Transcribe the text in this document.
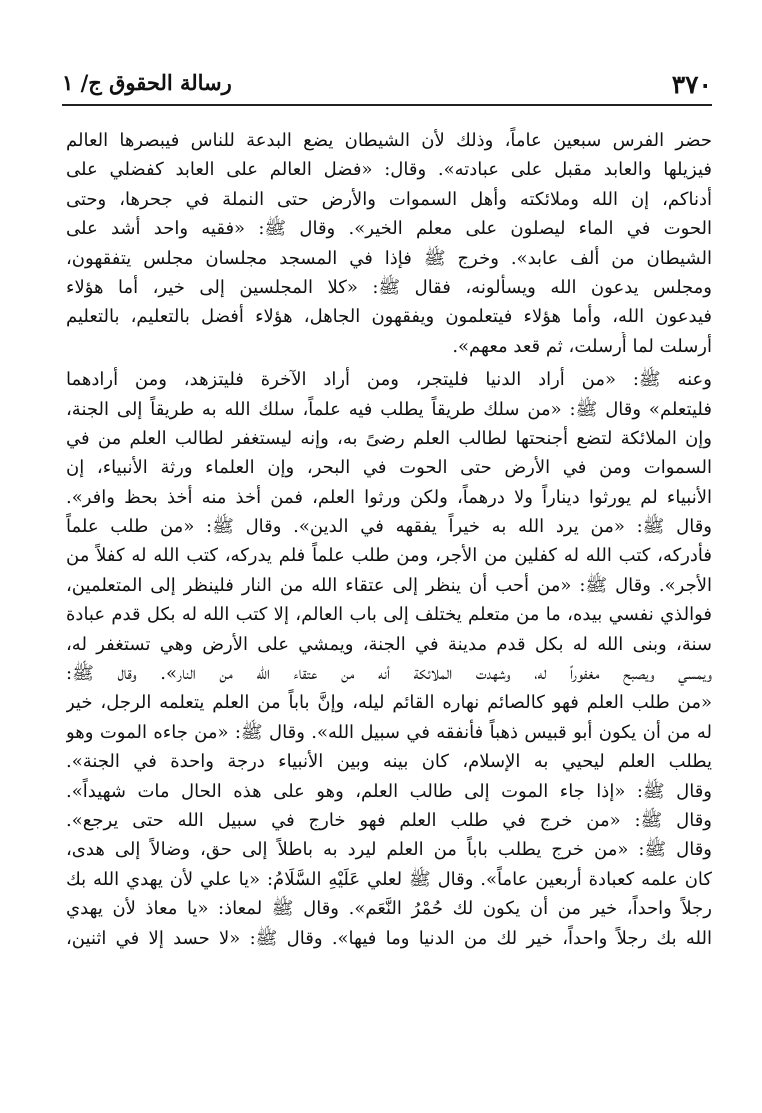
٣٧٠
رسالة الحقوق ج/ ١
حضر الفرس سبعين عاماً، وذلك لأن الشيطان يضع البدعة للناس فيبصرها العالم
فيزيلها والعابد مقبل على عبادته». وقال: «فضل العالم على العابد كفضلي على
أدناكم، إن الله وملائكته وأهل السموات والأرض حتى النملة في جحرها، وحتى
الحوت في الماء ليصلون على معلم الخير». وقال ﷺ: «فقيه واحد أشد على
الشيطان من ألف عابد». وخرج ﷺ فإذا في المسجد مجلسان مجلس يتفقهون،
ومجلس يدعون الله ويسألونه، فقال ﷺ: «كلا المجلسين إلى خير، أما هؤلاء
فيدعون الله، وأما هؤلاء فيتعلمون ويفقهون الجاهل، هؤلاء أفضل بالتعليم، بالتعليم
أرسلت لما أُرسلت، ثم قعد معهم».
وعنه ﷺ: «من أراد الدنيا فليتجر، ومن أراد الآخرة فليتزهد، ومن أرادهما
فليتعلم» وقال ﷺ: «من سلك طريقاً يطلب فيه علماً، سلك الله به طريقاً إلى الجنة،
وإن الملائكة لتضع أجنحتها لطالب العلم رضىً به، وإنه ليستغفر لطالب العلم من في
السموات ومن في الأرض حتى الحوت في البحر، وإن العلماء ورثة الأنبياء، إن
الأنبياء لم يورثوا ديناراً ولا درهماً، ولكن ورثوا العلم، فمن أخذ منه أخذ بحظ وافر».
وقال ﷺ: «من يرد الله به خيراً يفقهه في الدين». وقال ﷺ: «من طلب علماً
فأدركه، كتب الله له كفلين من الأجر، ومن طلب علماً فلم يدركه، كتب الله له كفلاً من
الأجر». وقال ﷺ: «من أحب أن ينظر إلى عتقاء الله من النار فلينظر إلى المتعلمين،
فوالذي نفسي بيده، ما من متعلم يختلف إلى باب العالم، إلا كتب الله له بكل قدم عبادة
سنة، وبنى الله له بكل قدم مدينة في الجنة، ويمشي على الأرض وهي تستغفر له،
ويمسي ويصبح مغفوراً له، وشهدت الملائكة أنه من عتقاء الله من النار». وقال ﷺ:
«من طلب العلم فهو كالصائم نهاره القائم ليله، وإنَّ باباً من العلم يتعلمه الرجل، خير
له من أن يكون أبو قبيس ذهباً فأنفقه في سبيل الله». وقال ﷺ: «من جاءه الموت وهو
يطلب العلم ليحيي به الإسلام، كان بينه وبين الأنبياء درجة واحدة في الجنة».
وقال ﷺ: «إذا جاء الموت إلى طالب العلم، وهو على هذه الحال مات شهيداً».
وقال ﷺ: «من خرج في طلب العلم فهو خارج في سبيل الله حتى يرجع».
وقال ﷺ: «من خرج يطلب باباً من العلم ليرد به باطلاً إلى حق، وضالاً إلى هدى،
كان علمه كعبادة أربعين عاماً». وقال ﷺ لعلي عَلَيْهِ السَّلَامُ: «يا علي لأن يهدي الله بك
رجلاً واحداً، خير من أن يكون لك حُمْرُ النَّعَم». وقال ﷺ لمعاذ: «يا معاذ لأن يهدي
الله بك رجلاً واحداً، خير لك من الدنيا وما فيها». وقال ﷺ: «لا حسد إلا في اثنين،
